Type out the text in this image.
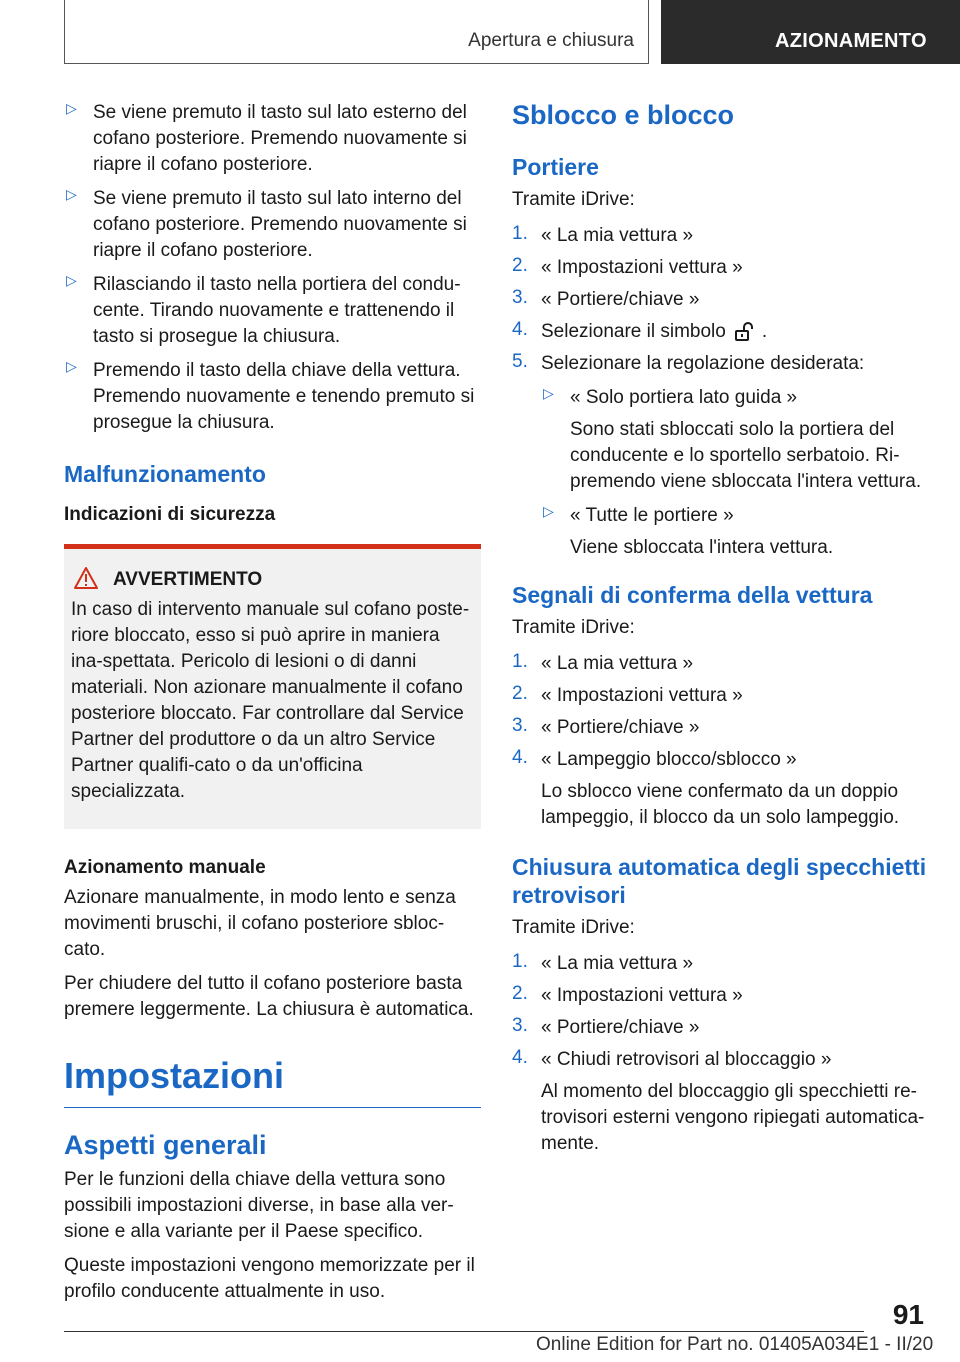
Apertura e chiusura	AZIONAMENTO
▷ Se viene premuto il tasto sul lato esterno del cofano posteriore. Premendo nuovamente si riapre il cofano posteriore.

▷ Se viene premuto il tasto sul lato interno del cofano posteriore. Premendo nuovamente si riapre il cofano posteriore.

▷ Rilasciando il tasto nella portiera del condu-cente. Tirando nuovamente e trattenendo il tasto si prosegue la chiusura.

▷ Premendo il tasto della chiave della vettura. Premendo nuovamente e tenendo premuto si prosegue la chiusura.

Malfunzionamento

Indicazioni di sicurezza

AVVERTIMENTO

In caso di intervento manuale sul cofano poste-riore bloccato, esso si può aprire in maniera ina-spettata. Pericolo di lesioni o di danni materiali. Non azionare manualmente il cofano posteriore bloccato. Far controllare dal Service Partner del produttore o da un altro Service Partner qualifi-cato o da un'officina specializzata.

Azionamento manuale

Azionare manualmente, in modo lento e senza movimenti bruschi, il cofano posteriore sbloc-cato.

Per chiudere del tutto il cofano posteriore basta premere leggermente. La chiusura è automatica.

Impostazioni
Aspetti generali

Per le funzioni della chiave della vettura sono possibili impostazioni diverse, in base alla ver-sione e alla variante per il Paese specifico.

Queste impostazioni vengono memorizzate per il profilo conducente attualmente in uso.

Sblocco e blocco
Portiere

Tramite iDrive:

1. « La mia vettura »

2. « Impostazioni vettura »

3. « Portiere/chiave »

4. Selezionare il simbolo .

5. Selezionare la regolazione desiderata:

▷ « Solo portiera lato guida »

Sono stati sbloccati solo la portiera del conducente e lo sportello serbatoio. Ri-premendo viene sbloccata l'intera vettura.

▷ « Tutte le portiere »

Viene sbloccata l'intera vettura.

Segnali di conferma della vettura

Tramite iDrive:

1. « La mia vettura »

2. « Impostazioni vettura »

3. « Portiere/chiave »

4. « Lampeggio blocco/sblocco »

Lo sblocco viene confermato da un doppio lampeggio, il blocco da un solo lampeggio.

Chiusura automatica degli specchietti retrovisori

Tramite iDrive:

1. « La mia vettura »

2. « Impostazioni vettura »

3. « Portiere/chiave »

4. « Chiudi retrovisori al bloccaggio »

Al momento del bloccaggio gli specchietti re-trovisori esterni vengono ripiegati automatica-mente.

91
Online Edition for Part no. 01405A034E1 - II/20
